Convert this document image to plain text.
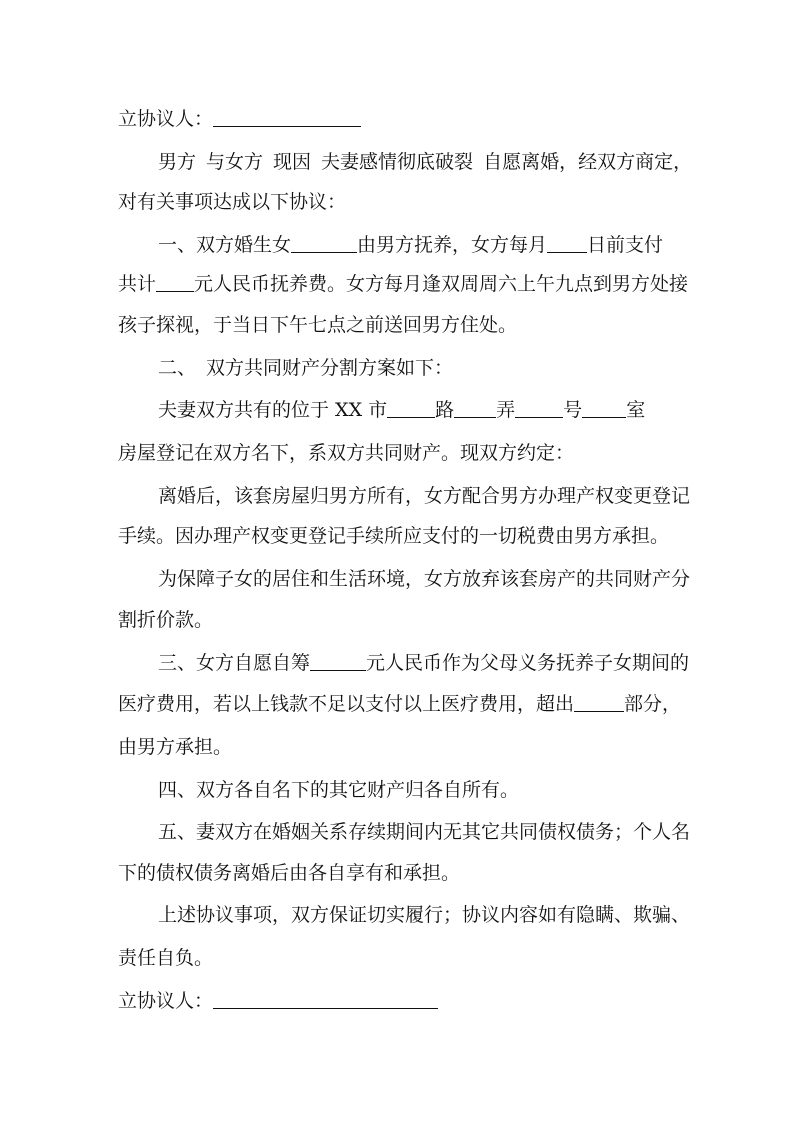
立协议人：
男方 与女方 现因 夫妻感情彻底破裂 自愿离婚，经双方商定，
对有关事项达成以下协议：
一、双方婚生女	由男方抚养，女方每月 日前支付
共计 元人民币抚养费。女方每月逢双周周六上午九点到男方处接
孩子探视，于当日下午七点之前送回男方住处。
二、 双方共同财产分割方案如下：
夫妻双方共有的位于 XX 市	路 弄	号 室
房屋登记在双方名下，系双方共同财产。现双方约定：
离婚后，该套房屋归男方所有，女方配合男方办理产权变更登记
手续。因办理产权变更登记手续所应支付的一切税费由男方承担。
为保障子女的居住和生活环境，女方放弃该套房产的共同财产分
割折价款。
三、女方自愿自筹	元人民币作为父母义务抚养子女期间的
医疗费用，若以上钱款不足以支付以上医疗费用，超出	部分，
由男方承担。
四、双方各自名下的其它财产归各自所有。
五、妻双方在婚姻关系存续期间内无其它共同债权债务；个人名
下的债权债务离婚后由各自享有和承担。
上述协议事项，双方保证切实履行；协议内容如有隐瞒、欺骗、
责任自负。
立协议人：
